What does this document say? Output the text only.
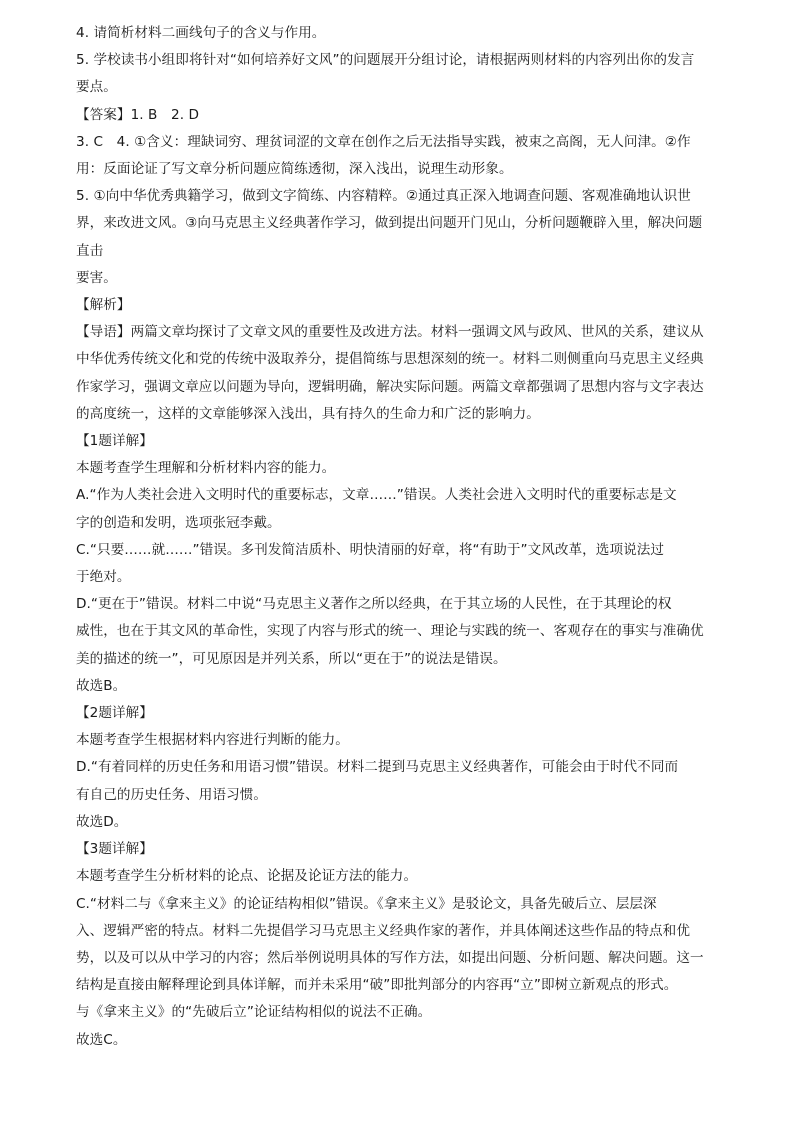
4. 请简析材料二画线句子的含义与作用。
5. 学校读书小组即将针对“如何培养好文风”的问题展开分组讨论，请根据两则材料的内容列出你的发言
要点。
【答案】1. B　2. D
3. C　4. ①含义：理缺词穷、理贫词涩的文章在创作之后无法指导实践，被束之高阁，无人问津。②作
用：反面论证了写文章分析问题应简练透彻，深入浅出，说理生动形象。
5. ①向中华优秀典籍学习，做到文字简练、内容精粹。②通过真正深入地调查问题、客观准确地认识世
界，来改进文风。③向马克思主义经典著作学习，做到提出问题开门见山，分析问题鞭辟入里，解决问题
直击
要害。
【解析】
【导语】两篇文章均探讨了文章文风的重要性及改进方法。材料一强调文风与政风、世风的关系，建议从
中华优秀传统文化和党的传统中汲取养分，提倡简练与思想深刻的统一。材料二则侧重向马克思主义经典
作家学习，强调文章应以问题为导向，逻辑明确，解决实际问题。两篇文章都强调了思想内容与文字表达
的高度统一，这样的文章能够深入浅出，具有持久的生命力和广泛的影响力。
【1题详解】
本题考查学生理解和分析材料内容的能力。
A.“作为人类社会进入文明时代的重要标志，文章……”错误。人类社会进入文明时代的重要标志是文
字的创造和发明，选项张冠李戴。
C.“只要……就……”错误。多刊发简洁质朴、明快清丽的好章，将“有助于”文风改革，选项说法过
于绝对。
D.“更在于”错误。材料二中说“马克思主义著作之所以经典，在于其立场的人民性，在于其理论的权
威性，也在于其文风的革命性，实现了内容与形式的统一、理论与实践的统一、客观存在的事实与准确优
美的描述的统一”，可见原因是并列关系，所以“更在于”的说法是错误。
故选B。
【2题详解】
本题考查学生根据材料内容进行判断的能力。
D.“有着同样的历史任务和用语习惯”错误。材料二提到马克思主义经典著作，可能会由于时代不同而
有自己的历史任务、用语习惯。
故选D。
【3题详解】
本题考查学生分析材料的论点、论据及论证方法的能力。
C.“材料二与《拿来主义》的论证结构相似”错误。《拿来主义》是驳论文，具备先破后立、层层深
入、逻辑严密的特点。材料二先提倡学习马克思主义经典作家的著作，并具体阐述这些作品的特点和优
势，以及可以从中学习的内容；然后举例说明具体的写作方法，如提出问题、分析问题、解决问题。这一
结构是直接由解释理论到具体详解，而并未采用“破”即批判部分的内容再“立”即树立新观点的形式。
与《拿来主义》的“先破后立”论证结构相似的说法不正确。
故选C。
